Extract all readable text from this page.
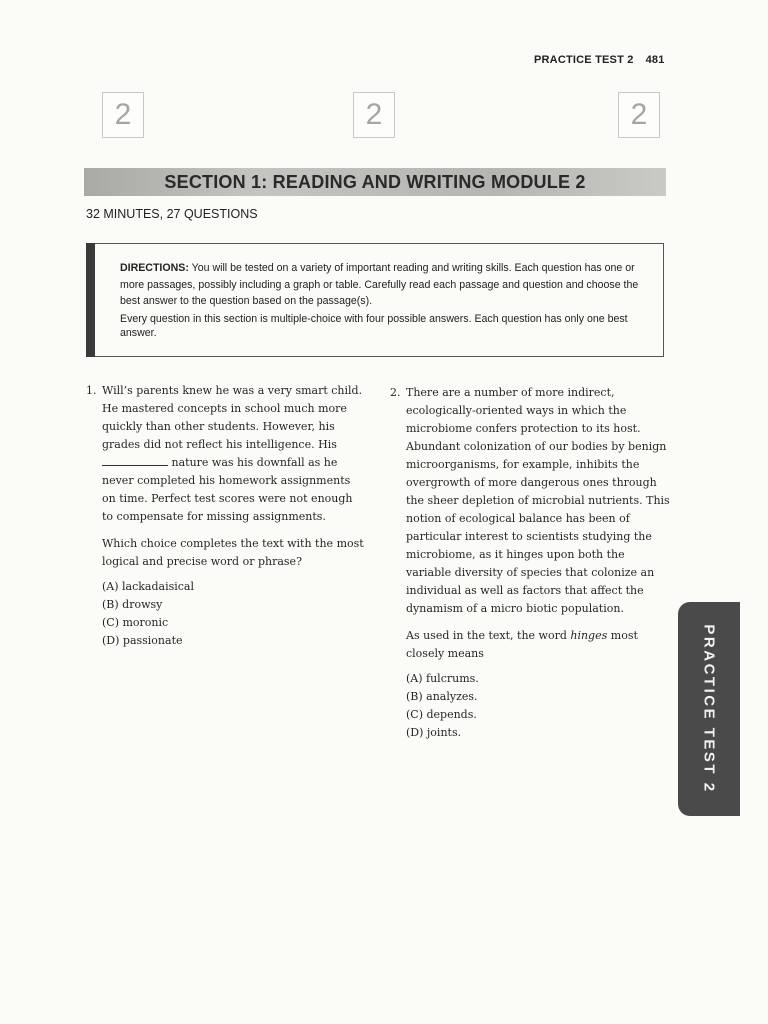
PRACTICE TEST 2 481
2	2	2
SECTION 1: READING AND WRITING MODULE 2
32 MINUTES, 27 QUESTIONS

DIRECTIONS: You will be tested on a variety of important reading and writing skills. Each question has one or more passages, possibly including a graph or table. Carefully read each passage and question and choose the best answer to the question based on the passage(s).

Every question in this section is multiple-choice with four possible answers. Each question has only one best answer.

1. Will’s parents knew he was a very smart child. He mastered concepts in school much more quickly than other students. However, his grades did not reflect his intelligence. His nature was his downfall as he never completed his homework assignments on time. Perfect test scores were not enough to compensate for missing assignments.

Which choice completes the text with the most logical and precise word or phrase?

(A) lackadaisical
(B) drowsy
(C) moronic
(D) passionate
2. There are a number of more indirect, ecologically-oriented ways in which the microbiome confers protection to its host. Abundant colonization of our bodies by benign microorganisms, for example, inhibits the overgrowth of more dangerous ones through the sheer depletion of microbial nutrients. This notion of ecological balance has been of particular interest to scientists studying the microbiome, as it hinges upon both the variable diversity of species that colonize an individual as well as factors that affect the dynamism of a micro biotic population.

As used in the text, the word hinges most closely means

(A) fulcrums.
(B) analyzes.
(C) depends.
(D) joints.	PRACTICE TEST 2
